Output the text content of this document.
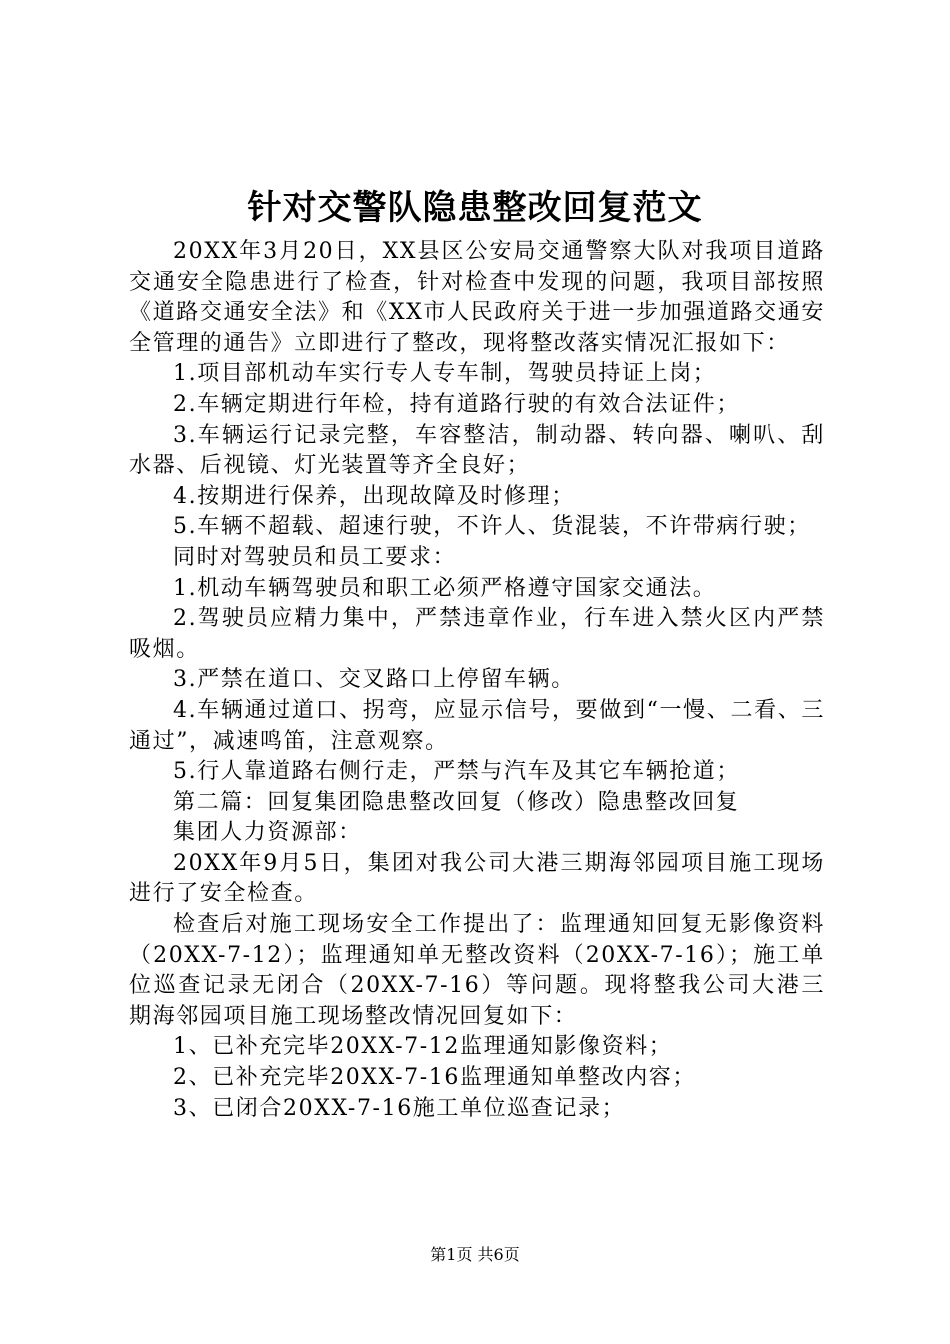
针对交警队隐患整改回复范文

20XX年3月20日，XX县区公安局交通警察大队对我项目道路交通安全隐患进行了检查，针对检查中发现的问题，我项目部按照《道路交通安全法》和《XX市人民政府关于进一步加强道路交通安全管理的通告》立即进行了整改，现将整改落实情况汇报如下：

1.项目部机动车实行专人专车制，驾驶员持证上岗；

2.车辆定期进行年检，持有道路行驶的有效合法证件；

3.车辆运行记录完整，车容整洁，制动器、转向器、喇叭、刮水器、后视镜、灯光装置等齐全良好；

4.按期进行保养，出现故障及时修理；

5.车辆不超载、超速行驶，不许人、货混装，不许带病行驶；

同时对驾驶员和员工要求：

1.机动车辆驾驶员和职工必须严格遵守国家交通法。

2.驾驶员应精力集中，严禁违章作业，行车进入禁火区内严禁吸烟。

3.严禁在道口、交叉路口上停留车辆。

4.车辆通过道口、拐弯，应显示信号，要做到“一慢、二看、三通过”，减速鸣笛，注意观察。

5.行人靠道路右侧行走，严禁与汽车及其它车辆抢道；

第二篇：回复集团隐患整改回复（修改）隐患整改回复

集团人力资源部：

20XX年9月5日，集团对我公司大港三期海邻园项目施工现场进行了安全检查。

检查后对施工现场安全工作提出了：监理通知回复无影像资料（20XX-7-12）；监理通知单无整改资料（20XX-7-16）；施工单位巡查记录无闭合（20XX-7-16）等问题。现将整我公司大港三期海邻园项目施工现场整改情况回复如下：

1、已补充完毕20XX-7-12监理通知影像资料；

2、已补充完毕20XX-7-16监理通知单整改内容；

3、已闭合20XX-7-16施工单位巡查记录；

第1页 共6页
